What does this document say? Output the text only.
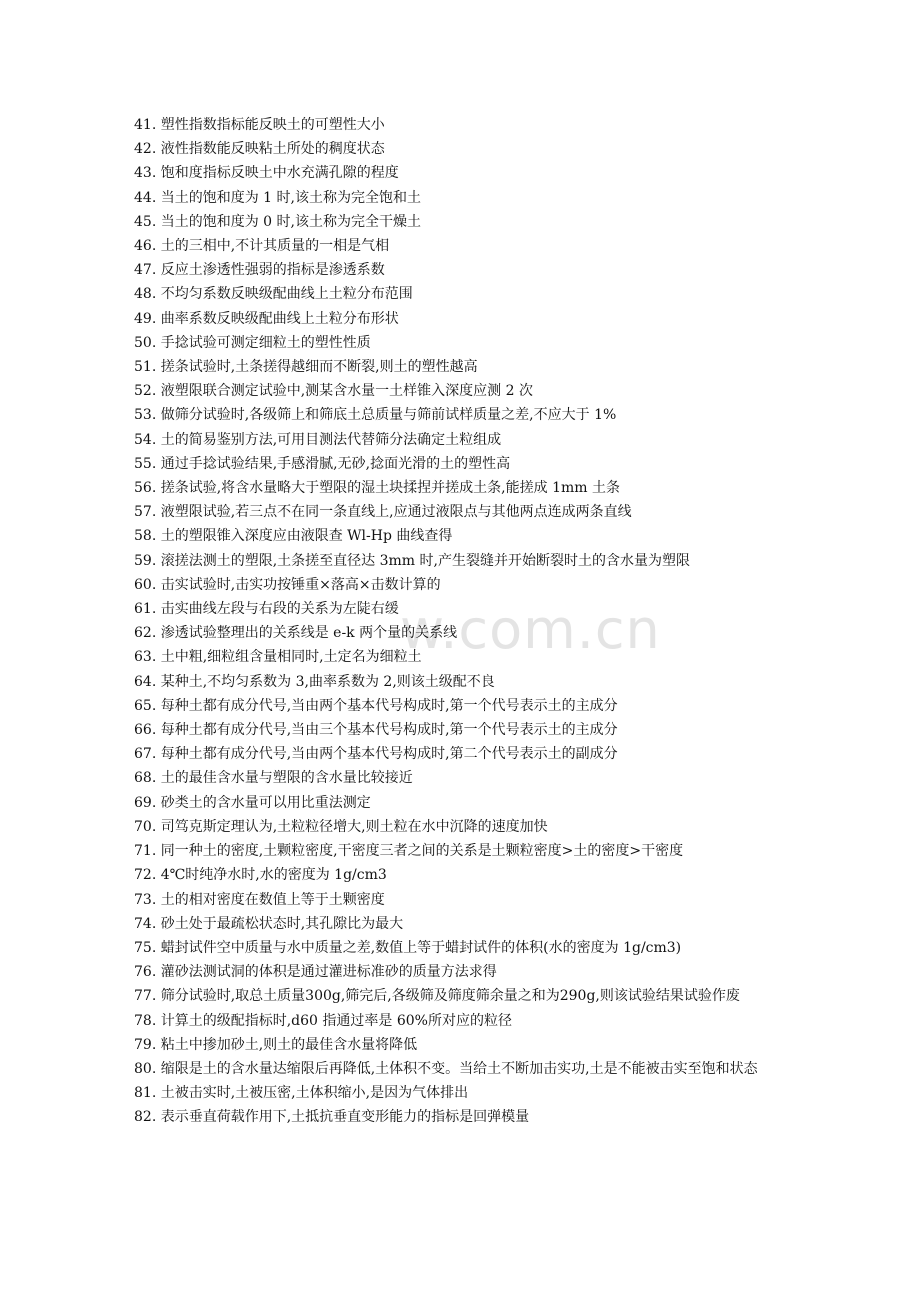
w.com.cn
41. 塑性指数指标能反映土的可塑性大小
42. 液性指数能反映粘土所处的稠度状态
43. 饱和度指标反映土中水充满孔隙的程度
44. 当土的饱和度为 1 时,该土称为完全饱和土
45. 当土的饱和度为 0 时,该土称为完全干燥土
46. 土的三相中,不计其质量的一相是气相
47. 反应土渗透性强弱的指标是渗透系数
48. 不均匀系数反映级配曲线上土粒分布范围
49. 曲率系数反映级配曲线上土粒分布形状
50. 手捻试验可测定细粒土的塑性性质
51. 搓条试验时,土条搓得越细而不断裂,则土的塑性越高
52. 液塑限联合测定试验中,测某含水量一土样锥入深度应测 2 次
53. 做筛分试验时,各级筛上和筛底土总质量与筛前试样质量之差,不应大于 1%
54. 土的简易鉴别方法,可用目测法代替筛分法确定土粒组成
55. 通过手捻试验结果,手感滑腻,无砂,捻面光滑的土的塑性高
56. 搓条试验,将含水量略大于塑限的湿土块揉捏并搓成土条,能搓成 1mm 土条
57. 液塑限试验,若三点不在同一条直线上,应通过液限点与其他两点连成两条直线
58. 土的塑限锥入深度应由液限查 Wl-Hp 曲线查得
59. 滚搓法测土的塑限,土条搓至直径达 3mm 时,产生裂缝并开始断裂时土的含水量为塑限
60. 击实试验时,击实功按锤重×落高×击数计算的
61. 击实曲线左段与右段的关系为左陡右缓
62. 渗透试验整理出的关系线是 e-k 两个量的关系线
63. 土中粗,细粒组含量相同时,土定名为细粒土
64. 某种土,不均匀系数为 3,曲率系数为 2,则该土级配不良
65. 每种土都有成分代号,当由两个基本代号构成时,第一个代号表示土的主成分
66. 每种土都有成分代号,当由三个基本代号构成时,第一个代号表示土的主成分
67. 每种土都有成分代号,当由两个基本代号构成时,第二个代号表示土的副成分
68. 土的最佳含水量与塑限的含水量比较接近
69. 砂类土的含水量可以用比重法测定
70. 司笃克斯定理认为,土粒粒径增大,则土粒在水中沉降的速度加快
71. 同一种土的密度,土颗粒密度,干密度三者之间的关系是土颗粒密度>土的密度>干密度
72. 4℃时纯净水时,水的密度为 1g/cm3
73. 土的相对密度在数值上等于土颗密度
74. 砂土处于最疏松状态时,其孔隙比为最大
75. 蜡封试件空中质量与水中质量之差,数值上等于蜡封试件的体积(水的密度为 1g/cm3)
76. 灌砂法测试洞的体积是通过灌进标准砂的质量方法求得
77. 筛分试验时,取总土质量300g,筛完后,各级筛及筛度筛余量之和为290g,则该试验结果试验作废
78. 计算土的级配指标时,d60 指通过率是 60%所对应的粒径
79. 粘土中掺加砂土,则土的最佳含水量将降低
80. 缩限是土的含水量达缩限后再降低,土体积不变。当给土不断加击实功,土是不能被击实至饱和状态
81. 土被击实时,土被压密,土体积缩小,是因为气体排出
82. 表示垂直荷载作用下,土抵抗垂直变形能力的指标是回弹模量
